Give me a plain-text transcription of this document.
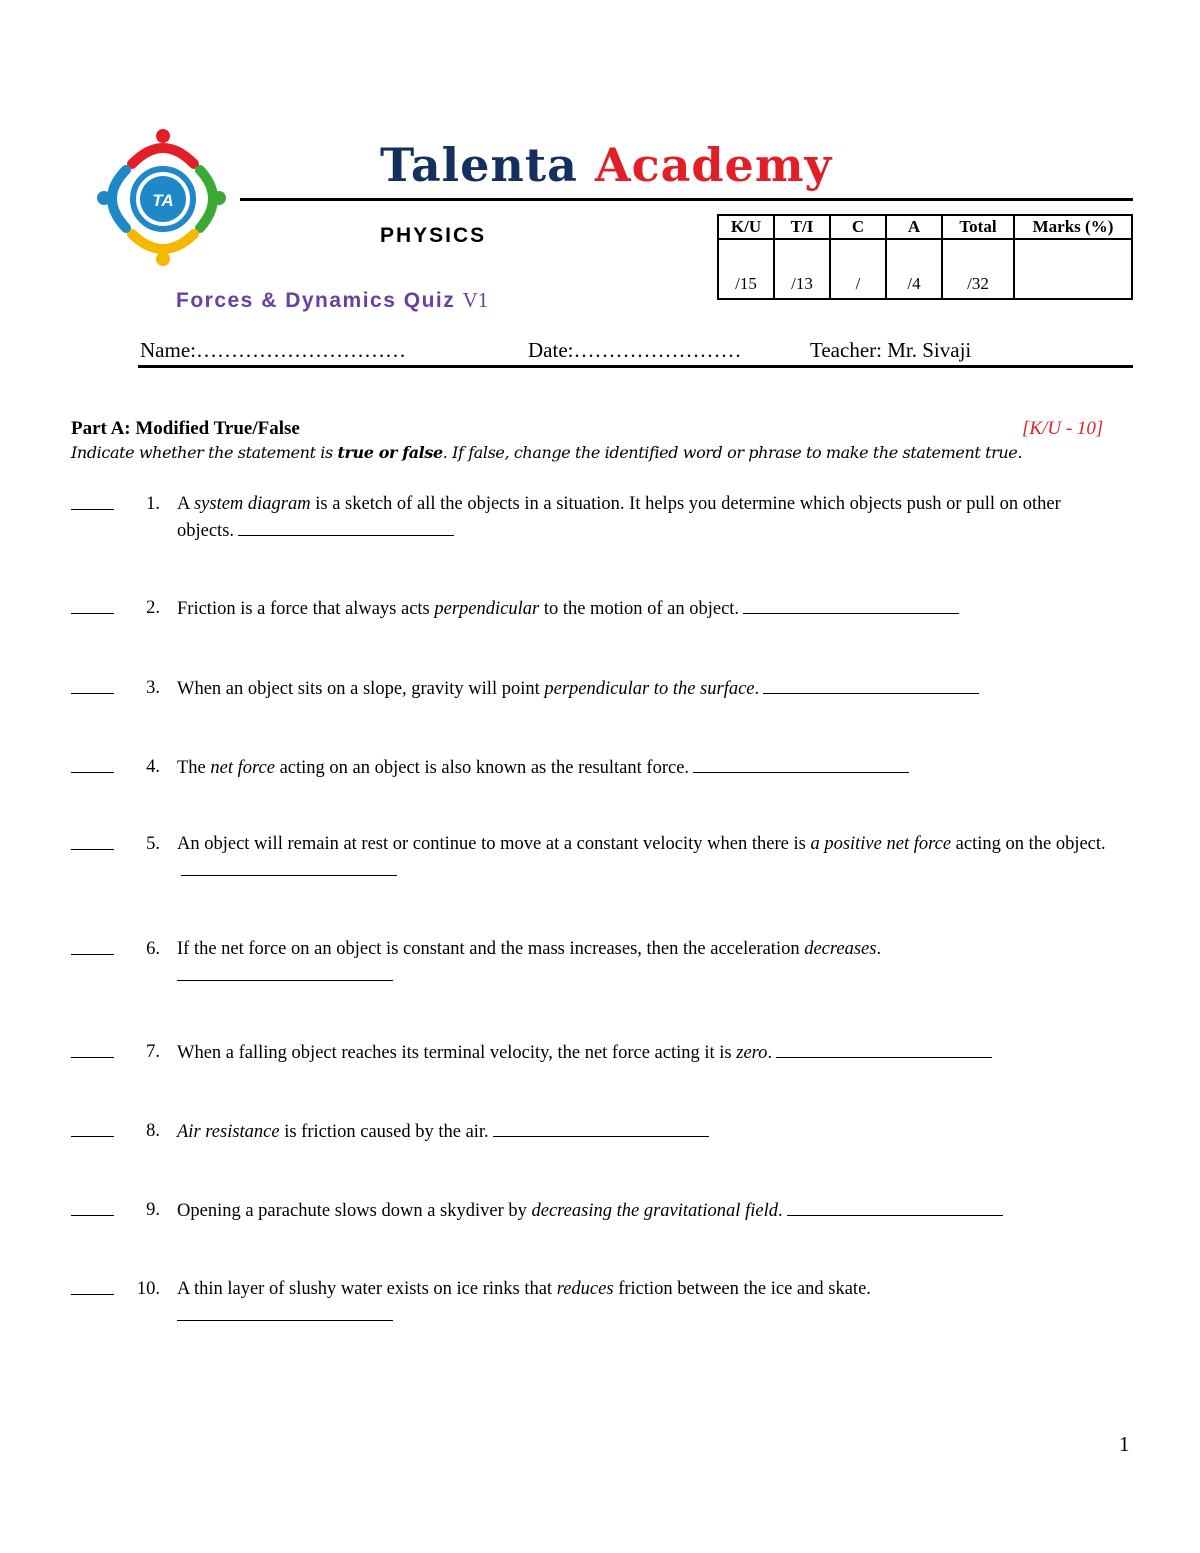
TA
Talenta Academy
PHYSICS
Forces & Dynamics Quiz V1
K/U	T/I	C	A	Total	Marks (%)
/15	/13	/	/4	/32	
Name:…………………………	Date:……………………	Teacher: Mr. Sivaji
Part A: Modified True/False	[K/U - 10]
Indicate whether the statement is true or false. If false, change the identified word or phrase to make the statement true.
1. A system diagram is a sketch of all the objects in a situation. It helps you determine which objects push or pull on other objects.
2. Friction is a force that always acts perpendicular to the motion of an object.
3. When an object sits on a slope, gravity will point perpendicular to the surface.
4. The net force acting on an object is also known as the resultant force.
5. An object will remain at rest or continue to move at a constant velocity when there is a positive net force acting on the object.
6. If the net force on an object is constant and the mass increases, then the acceleration decreases.

7. When a falling object reaches its terminal velocity, the net force acting it is zero.
8. Air resistance is friction caused by the air.
9. Opening a parachute slows down a skydiver by decreasing the gravitational field.
10. A thin layer of slushy water exists on ice rinks that reduces friction between the ice and skate.

1
